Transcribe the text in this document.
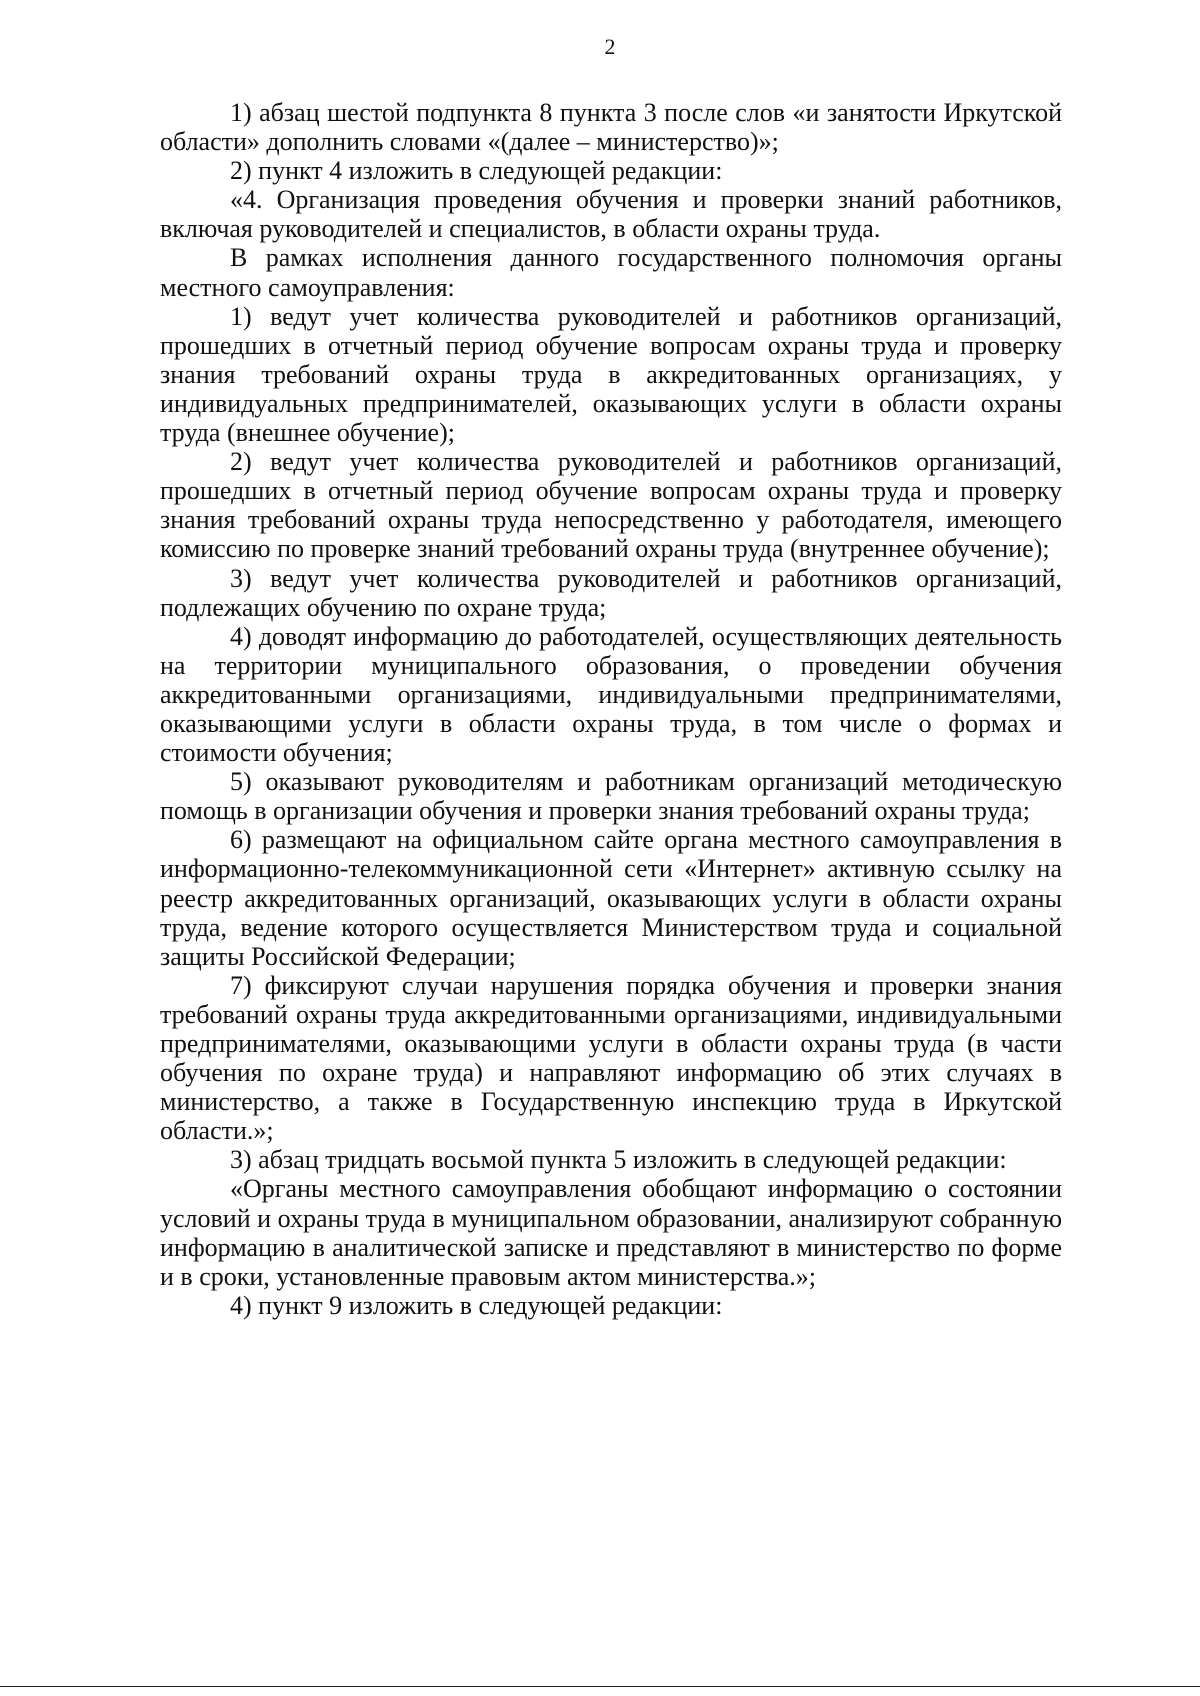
2

1) абзац шестой подпункта 8 пункта 3 после слов «и занятости Иркутской области» дополнить словами «(далее – министерство)»;

2) пункт 4 изложить в следующей редакции:

«4. Организация проведения обучения и проверки знаний работников, включая руководителей и специалистов, в области охраны труда.

В рамках исполнения данного государственного полномочия органы местного самоуправления:

1) ведут учет количества руководителей и работников организаций, прошедших в отчетный период обучение вопросам охраны труда и проверку знания требований охраны труда в аккредитованных организациях, у индивидуальных предпринимателей, оказывающих услуги в области охраны труда (внешнее обучение);

2) ведут учет количества руководителей и работников организаций, прошедших в отчетный период обучение вопросам охраны труда и проверку знания требований охраны труда непосредственно у работодателя, имеющего комиссию по проверке знаний требований охраны труда (внутреннее обучение);

3) ведут учет количества руководителей и работников организаций, подлежащих обучению по охране труда;

4) доводят информацию до работодателей, осуществляющих деятельность на территории муниципального образования, о проведении обучения аккредитованными организациями, индивидуальными предпринимателями, оказывающими услуги в области охраны труда, в том числе о формах и стоимости обучения;

5) оказывают руководителям и работникам организаций методическую помощь в организации обучения и проверки знания требований охраны труда;

6) размещают на официальном сайте органа местного самоуправления в информационно-телекоммуникационной сети «Интернет» активную ссылку на реестр аккредитованных организаций, оказывающих услуги в области охраны труда, ведение которого осуществляется Министерством труда и социальной защиты Российской Федерации;

7) фиксируют случаи нарушения порядка обучения и проверки знания требований охраны труда аккредитованными организациями, индивидуальными предпринимателями, оказывающими услуги в области охраны труда (в части обучения по охране труда) и направляют информацию об этих случаях в министерство, а также в Государственную инспекцию труда в Иркутской области.»;

3) абзац тридцать восьмой пункта 5 изложить в следующей редакции:

«Органы местного самоуправления обобщают информацию о состоянии условий и охраны труда в муниципальном образовании, анализируют собранную информацию в аналитической записке и представляют в министерство по форме и в сроки, установленные правовым актом министерства.»;

4) пункт 9 изложить в следующей редакции:
